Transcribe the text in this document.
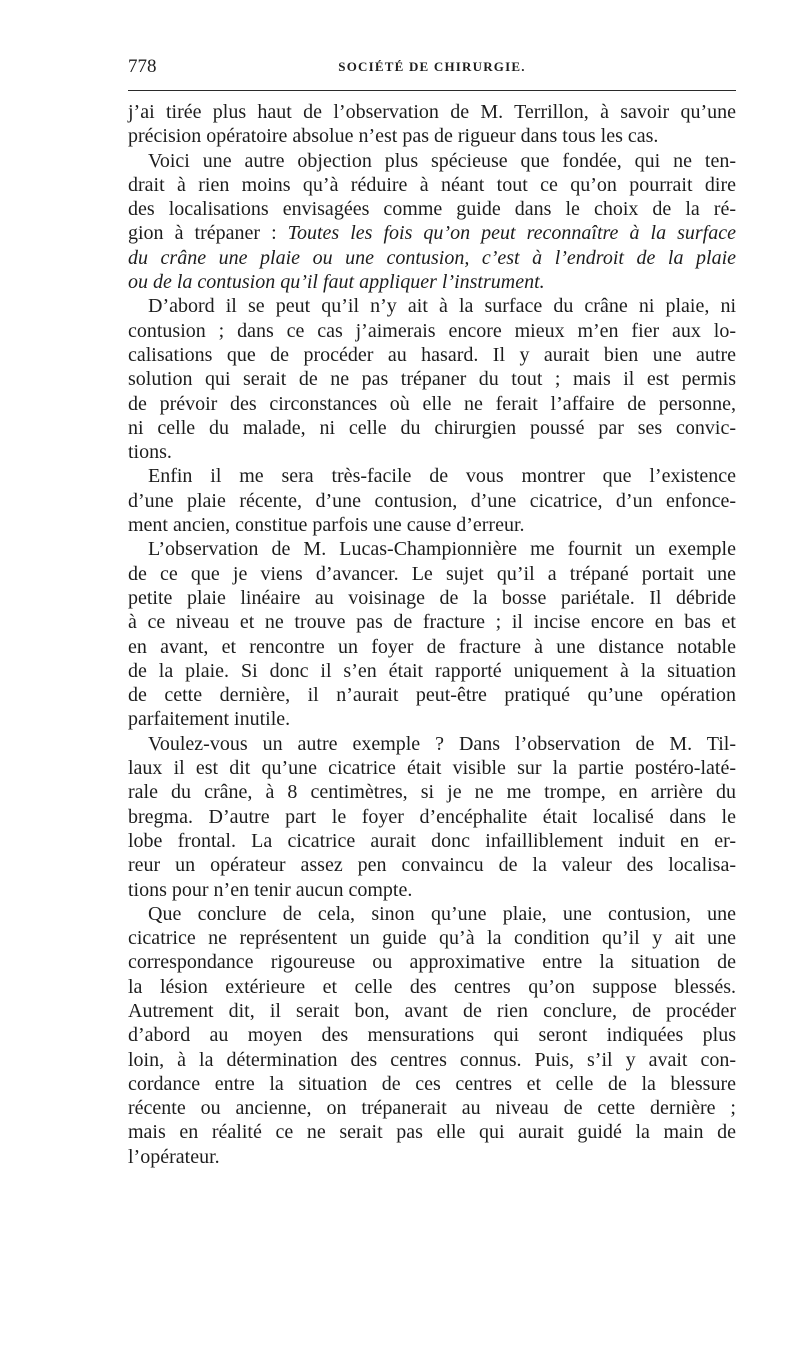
778	SOCIÉTÉ DE CHIRURGIE.
j’ai tirée plus haut de l’observation de M. Terrillon, à savoir qu’une
précision opératoire absolue n’est pas de rigueur dans tous les cas.
Voici une autre objection plus spécieuse que fondée, qui ne ten-
drait à rien moins qu’à réduire à néant tout ce qu’on pourrait dire
des localisations envisagées comme guide dans le choix de la ré-
gion à trépaner : Toutes les fois qu’on peut reconnaître à la surface
du crâne une plaie ou une contusion, c’est à l’endroit de la plaie
ou de la contusion qu’il faut appliquer l’instrument.
D’abord il se peut qu’il n’y ait à la surface du crâne ni plaie, ni
contusion ; dans ce cas j’aimerais encore mieux m’en fier aux lo-
calisations que de procéder au hasard. Il y aurait bien une autre
solution qui serait de ne pas trépaner du tout ; mais il est permis
de prévoir des circonstances où elle ne ferait l’affaire de personne,
ni celle du malade, ni celle du chirurgien poussé par ses convic-
tions.
Enfin il me sera très-facile de vous montrer que l’existence
d’une plaie récente, d’une contusion, d’une cicatrice, d’un enfonce-
ment ancien, constitue parfois une cause d’erreur.
L’observation de M. Lucas-Championnière me fournit un exemple
de ce que je viens d’avancer. Le sujet qu’il a trépané portait une
petite plaie linéaire au voisinage de la bosse pariétale. Il débride
à ce niveau et ne trouve pas de fracture ; il incise encore en bas et
en avant, et rencontre un foyer de fracture à une distance notable
de la plaie. Si donc il s’en était rapporté uniquement à la situation
de cette dernière, il n’aurait peut-être pratiqué qu’une opération
parfaitement inutile.
Voulez-vous un autre exemple ? Dans l’observation de M. Til-
laux il est dit qu’une cicatrice était visible sur la partie postéro-laté-
rale du crâne, à 8 centimètres, si je ne me trompe, en arrière du
bregma. D’autre part le foyer d’encéphalite était localisé dans le
lobe frontal. La cicatrice aurait donc infailliblement induit en er-
reur un opérateur assez pen convaincu de la valeur des localisa-
tions pour n’en tenir aucun compte.
Que conclure de cela, sinon qu’une plaie, une contusion, une
cicatrice ne représentent un guide qu’à la condition qu’il y ait une
correspondance rigoureuse ou approximative entre la situation de
la lésion extérieure et celle des centres qu’on suppose blessés.
Autrement dit, il serait bon, avant de rien conclure, de procéder
d’abord au moyen des mensurations qui seront indiquées plus
loin, à la détermination des centres connus. Puis, s’il y avait con-
cordance entre la situation de ces centres et celle de la blessure
récente ou ancienne, on trépanerait au niveau de cette dernière ;
mais en réalité ce ne serait pas elle qui aurait guidé la main de
l’opérateur.
